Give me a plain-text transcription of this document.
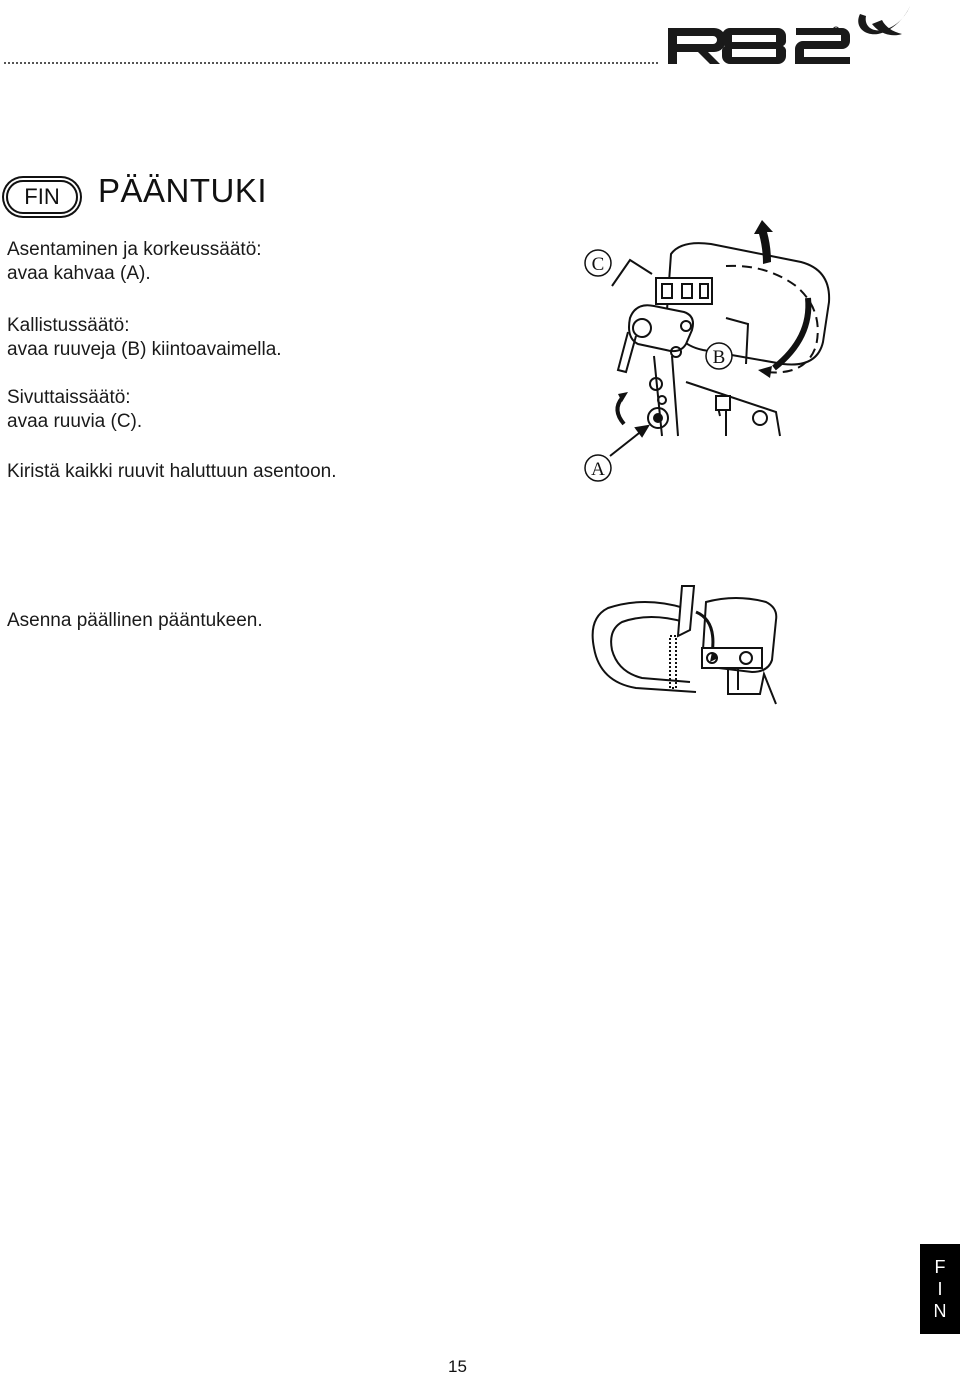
FIN	PÄÄNTUKI
Asentaminen ja korkeussäätö:
avaa kahvaa (A).
Kallistussäätö:
avaa ruuveja (B) kiintoavaimella.
Sivuttaissäätö:
avaa ruuvia (C).
Kiristä kaikki ruuvit haluttuun asentoon.
Asenna päällinen pääntukeen.
C
B
A
F
I
N
15
